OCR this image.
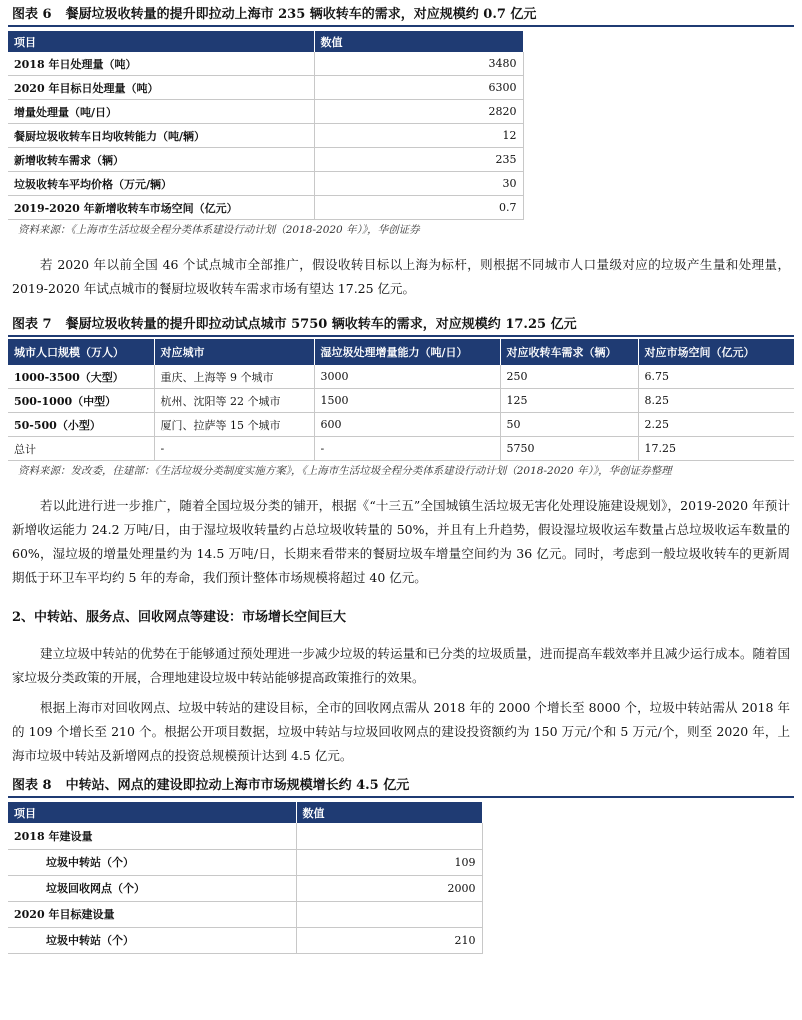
图表 6 餐厨垃圾收转量的提升即拉动上海市 235 辆收转车的需求，对应规模约 0.7 亿元
项目	数值
2018 年日处理量（吨）	3480
2020 年目标日处理量（吨）	6300
增量处理量（吨/日）	2820
餐厨垃圾收转车日均收转能力（吨/辆）	12
新增收转车需求（辆）	235
垃圾收转车平均价格（万元/辆）	30
2019-2020 年新增收转车市场空间（亿元）	0.7
资料来源：《上海市生活垃圾全程分类体系建设行动计划（2018-2020 年）》，华创证券

若 2020 年以前全国 46 个试点城市全部推广，假设收转目标以上海为标杆，则根据不同城市人口量级对应的垃圾产生量和处理量，2019-2020 年试点城市的餐厨垃圾收转车需求市场有望达 17.25 亿元。

图表 7 餐厨垃圾收转量的提升即拉动试点城市 5750 辆收转车的需求，对应规模约 17.25 亿元
城市人口规模（万人）	对应城市	湿垃圾处理增量能力（吨/日）	对应收转车需求（辆）	对应市场空间（亿元）
1000-3500（大型）	重庆、上海等 9 个城市	3000	250	6.75
500-1000（中型）	杭州、沈阳等 22 个城市	1500	125	8.25
50-500（小型）	厦门、拉萨等 15 个城市	600	50	2.25
总计	-	-	5750	17.25
资料来源：发改委，住建部：《生活垃圾分类制度实施方案》，《上海市生活垃圾全程分类体系建设行动计划（2018-2020 年）》，华创证券整理

若以此进行进一步推广，随着全国垃圾分类的铺开，根据《“十三五”全国城镇生活垃圾无害化处理设施建设规划》，2019-2020 年预计新增收运能力 24.2 万吨/日，由于湿垃圾收转量约占总垃圾收转量的 50%，并且有上升趋势，假设湿垃圾收运车数量占总垃圾收运车数量的 60%，湿垃圾的增量处理量约为 14.5 万吨/日，长期来看带来的餐厨垃圾车增量空间约为 36 亿元。同时，考虑到一般垃圾收转车的更新周期低于环卫车平均约 5 年的寿命，我们预计整体市场规模将超过 40 亿元。

2、中转站、服务点、回收网点等建设：市场增长空间巨大

建立垃圾中转站的优势在于能够通过预处理进一步减少垃圾的转运量和已分类的垃圾质量，进而提高车载效率并且减少运行成本。随着国家垃圾分类政策的开展，合理地建设垃圾中转站能够提高政策推行的效果。

根据上海市对回收网点、垃圾中转站的建设目标，全市的回收网点需从 2018 年的 2000 个增长至 8000 个，垃圾中转站需从 2018 年的 109 个增长至 210 个。根据公开项目数据，垃圾中转站与垃圾回收网点的建设投资额约为 150 万元/个和 5 万元/个，则至 2020 年，上海市垃圾中转站及新增网点的投资总规模预计达到 4.5 亿元。

图表 8 中转站、网点的建设即拉动上海市市场规模增长约 4.5 亿元
项目	数值
2018 年建设量	
垃圾中转站（个）	109
垃圾回收网点（个）	2000
2020 年目标建设量	
垃圾中转站（个）	210
